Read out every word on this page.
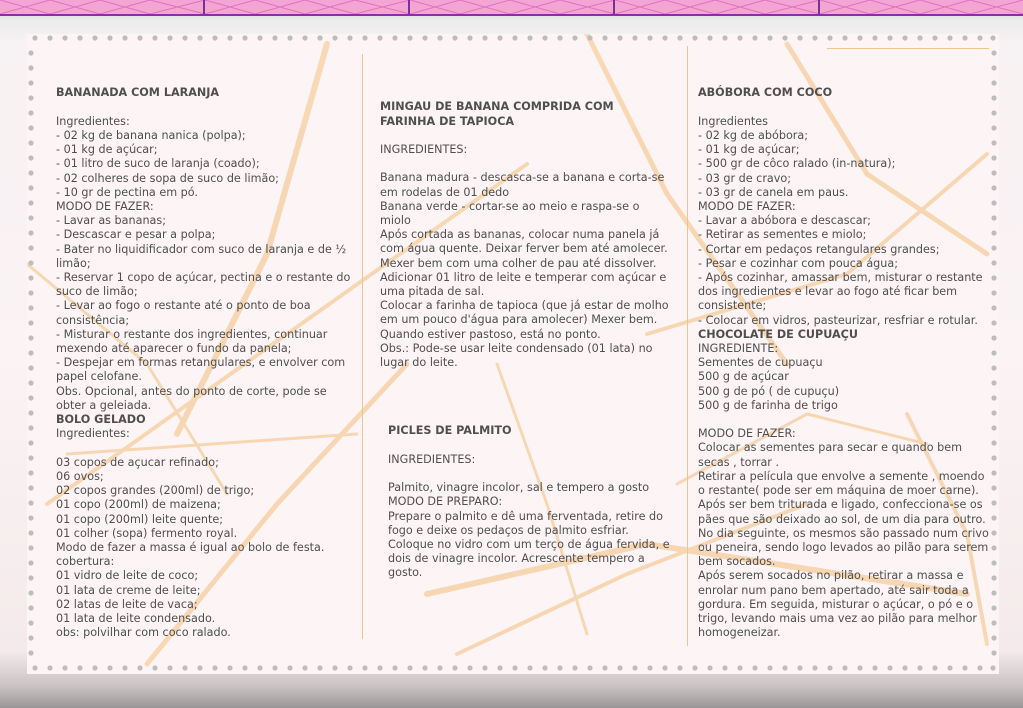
BANANADA COM LARANJA

Ingredientes:
- 02 kg de banana nanica (polpa);
- 01 kg de açúcar;
- 01 litro de suco de laranja (coado);
- 02 colheres de sopa de suco de limão;
- 10 gr de pectina em pó.
MODO DE FAZER:
- Lavar as bananas;
- Descascar e pesar a polpa;
- Bater no liquidificador com suco de laranja e de ½ limão;
- Reservar 1 copo de açúcar, pectina e o restante do suco de limão;
- Levar ao fogo o restante até o ponto de boa consistência;
- Misturar o restante dos ingredientes, continuar mexendo até aparecer o fundo da panela;
- Despejar em formas retangulares, e envolver com papel celofane.
Obs. Opcional, antes do ponto de corte, pode se obter a geleiada.

BOLO GELADO
Ingredientes:

03 copos de açucar refinado;
06 ovos;
02 copos grandes (200ml) de trigo;
01 copo (200ml) de maizena;
01 copo (200ml) leite quente;
01 colher (sopa) fermento royal.
Modo de fazer a massa é igual ao bolo de festa.
cobertura:
01 vidro de leite de coco;
01 lata de creme de leite;
02 latas de leite de vaca;
01 lata de leite condensado.
obs: polvilhar com coco ralado.

MINGAU DE BANANA COMPRIDA COM FARINHA DE TAPIOCA

INGREDIENTES:

Banana madura - descasca-se a banana e corta-se em rodelas de 01 dedo
Banana verde - cortar-se ao meio e raspa-se o miolo
Após cortada as bananas, colocar numa panela já com água quente. Deixar ferver bem até amolecer. Mexer bem com uma colher de pau até dissolver.
Adicionar 01 litro de leite e temperar com açúcar e uma pitada de sal.
Colocar a farinha de tapioca (que já estar de molho em um pouco d'água para amolecer) Mexer bem. Quando estiver pastoso, está no ponto.
Obs.: Pode-se usar leite condensado (01 lata) no lugar do leite.

PICLES DE PALMITO

INGREDIENTES:

Palmito, vinagre incolor, sal e tempero a gosto
MODO DE PREPARO:
Prepare o palmito e dê uma ferventada, retire do fogo e deixe os pedaços de palmito esfriar. Coloque no vidro com um terço de água fervida, e dois de vinagre incolor. Acrescente tempero a gosto.

ABÓBORA COM COCO

Ingredientes
- 02 kg de abóbora;
- 01 kg de açúcar;
- 500 gr de côco ralado (in-natura);
- 03 gr de cravo;
- 03 gr de canela em paus.
MODO DE FAZER:
- Lavar a abóbora e descascar;
- Retirar as sementes e miolo;
- Cortar em pedaços retangulares grandes;
- Pesar e cozinhar com pouca água;
- Após cozinhar, amassar bem, misturar o restante dos ingredientes e levar ao fogo até ficar bem consistente;
- Colocar em vidros, pasteurizar, resfriar e rotular.

CHOCOLATE DE CUPUAÇU
INGREDIENTE:
Sementes de cupuaçu
500 g de açúcar
500 g de pó ( de cupuçu)
500 g de farinha de trigo

MODO DE FAZER:
Colocar as sementes para secar e quando bem secas , torrar .
Retirar a película que envolve a semente , moendo o restante( pode ser em máquina de moer carne). Após ser bem triturada e ligado, confecciona-se os pães que são deixado ao sol, de um dia para outro. No dia seguinte, os mesmos são passado num crivo ou peneira, sendo logo levados ao pilão para serem bem socados.
Após serem socados no pilão, retirar a massa e enrolar num pano bem apertado, até sair toda a gordura. Em seguida, misturar o açúcar, o pó e o trigo, levando mais uma vez ao pilão para melhor homogeneizar.
